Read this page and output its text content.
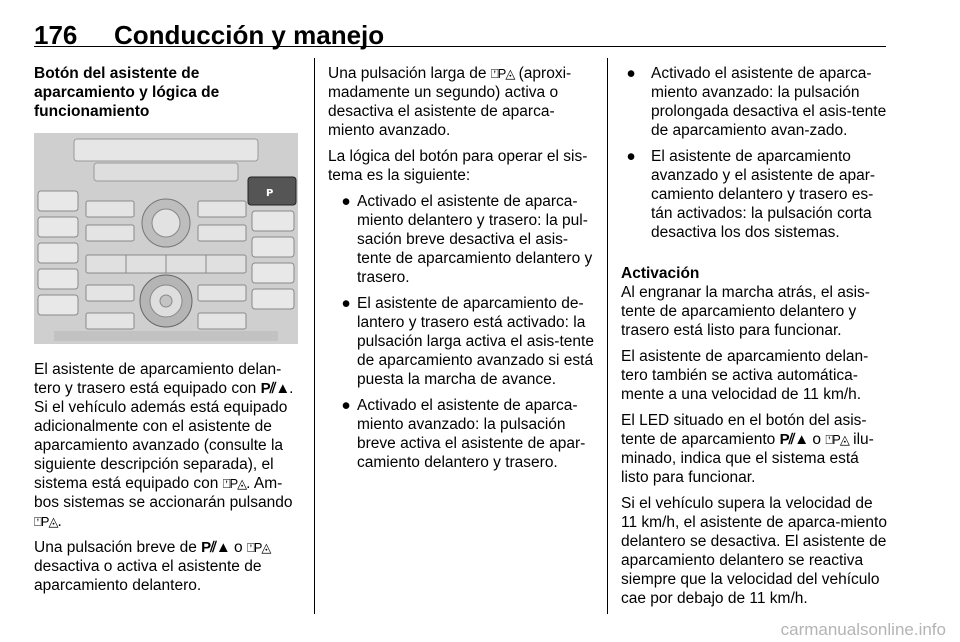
176 Conducción y manejo
Botón del asistente de aparcamiento y lógica de funcionamiento
P
El asistente de aparcamiento delan-tero y trasero está equipado con P⫽▲. Si el vehículo además está equipado adicionalmente con el asistente de aparcamiento avanzado (consulte la siguiente descripción separada), el sistema está equipado con ⍞P◬. Am-bos sistemas se accionarán pulsando ⍞P◬.
Una pulsación breve de P⫽▲ o ⍞P◬ desactiva o activa el asistente de aparcamiento delantero.
Una pulsación larga de ⍞P◬ (aproxi-madamente un segundo) activa o desactiva el asistente de aparca-miento avanzado.
La lógica del botón para operar el sis-tema es la siguiente:
● Activado el asistente de aparca-miento delantero y trasero: la pul-sación breve desactiva el asis-tente de aparcamiento delantero y trasero.
● El asistente de aparcamiento de-lantero y trasero está activado: la pulsación larga activa el asis-tente de aparcamiento avanzado si está puesta la marcha de avance.
● Activado el asistente de aparca-miento avanzado: la pulsación breve activa el asistente de apar-camiento delantero y trasero.
● Activado el asistente de aparca-miento avanzado: la pulsación prolongada desactiva el asis-tente de aparcamiento avan-zado.
● El asistente de aparcamiento avanzado y el asistente de apar-camiento delantero y trasero es-tán activados: la pulsación corta desactiva los dos sistemas.
Activación
Al engranar la marcha atrás, el asis-tente de aparcamiento delantero y trasero está listo para funcionar.
El asistente de aparcamiento delan-tero también se activa automática-mente a una velocidad de 11 km/h.
El LED situado en el botón del asis-tente de aparcamiento P⫽▲ o ⍞P◬ ilu-minado, indica que el sistema está listo para funcionar.
Si el vehículo supera la velocidad de 11 km/h, el asistente de aparca-miento delantero se desactiva. El asistente de aparcamiento delantero se reactiva siempre que la velocidad del vehículo cae por debajo de 11 km/h.
carmanualsonline.info
